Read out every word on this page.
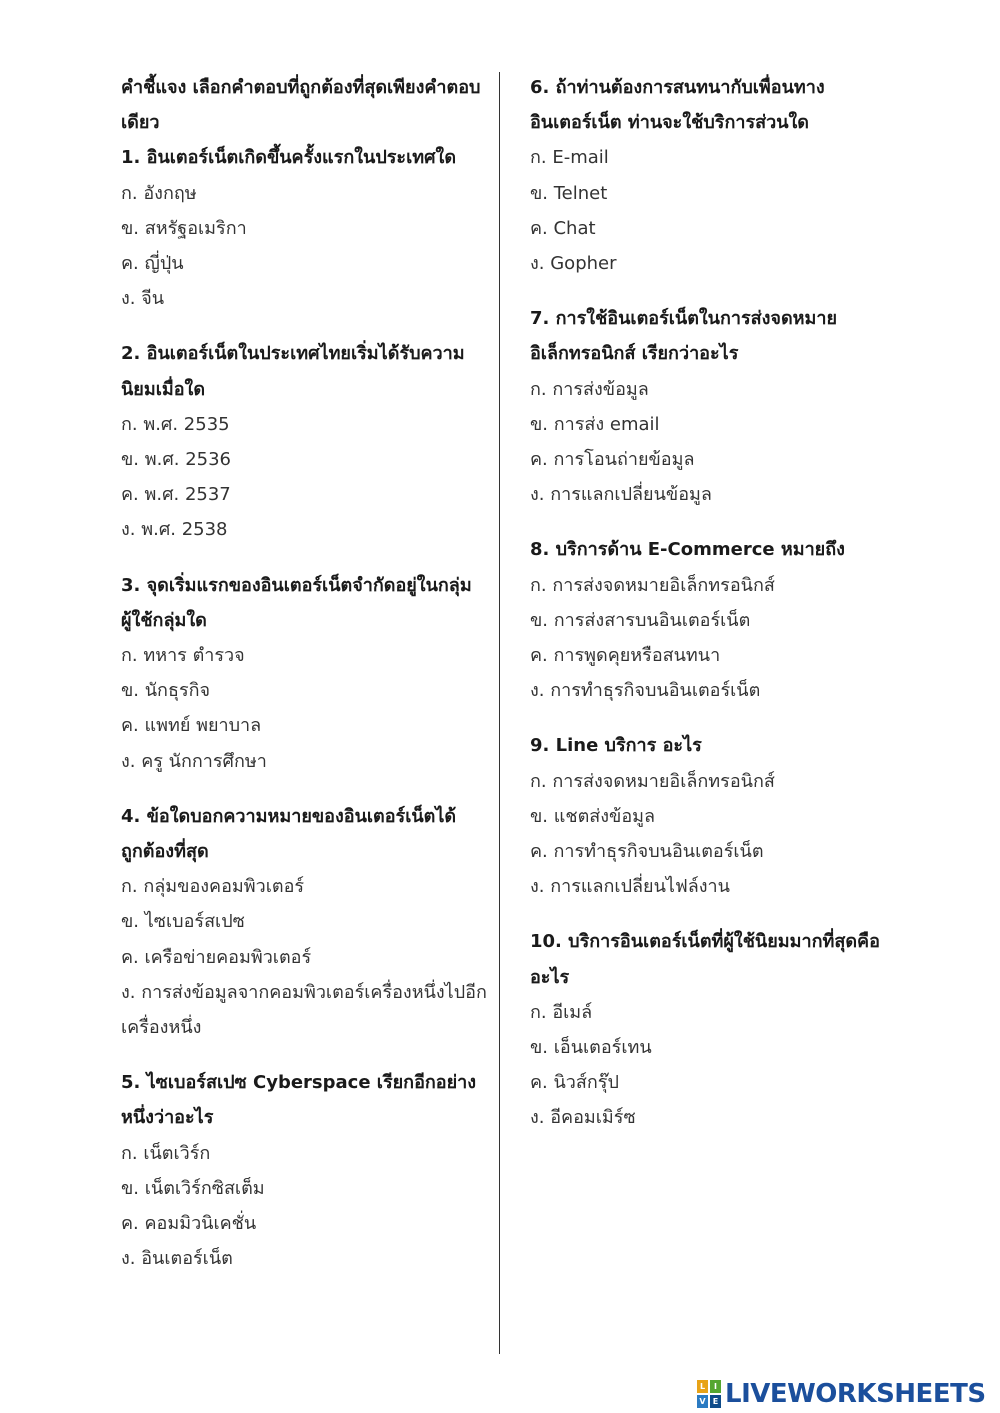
คำชี้แจง เลือกคำตอบที่ถูกต้องที่สุดเพียงคำตอบ
เดียว
1. อินเตอร์เน็ตเกิดขึ้นครั้งแรกในประเทศใด
ก. อังกฤษ
ข. สหรัฐอเมริกา
ค. ญี่ปุ่น
ง. จีน
2. อินเตอร์เน็ตในประเทศไทยเริ่มได้รับความ
นิยมเมื่อใด
ก. พ.ศ. 2535
ข. พ.ศ. 2536
ค. พ.ศ. 2537
ง. พ.ศ. 2538
3. จุดเริ่มแรกของอินเตอร์เน็ตจำกัดอยู่ในกลุ่ม
ผู้ใช้กลุ่มใด
ก. ทหาร ตำรวจ
ข. นักธุรกิจ
ค. แพทย์ พยาบาล
ง. ครู นักการศึกษา
4. ข้อใดบอกความหมายของอินเตอร์เน็ตได้
ถูกต้องที่สุด
ก. กลุ่มของคอมพิวเตอร์
ข. ไซเบอร์สเปซ
ค. เครือข่ายคอมพิวเตอร์
ง. การส่งข้อมูลจากคอมพิวเตอร์เครื่องหนึ่งไปอีก
เครื่องหนึ่ง
5. ไซเบอร์สเปซ Cyberspace เรียกอีกอย่าง
หนึ่งว่าอะไร
ก. เน็ตเวิร์ก
ข. เน็ตเวิร์กซิสเต็ม
ค. คอมมิวนิเคชั่น
ง. อินเตอร์เน็ต
6. ถ้าท่านต้องการสนทนากับเพื่อนทาง
อินเตอร์เน็ต ท่านจะใช้บริการส่วนใด
ก. E-mail
ข. Telnet
ค. Chat
ง. Gopher
7. การใช้อินเตอร์เน็ตในการส่งจดหมาย
อิเล็กทรอนิกส์ เรียกว่าอะไร
ก. การส่งข้อมูล
ข. การส่ง email
ค. การโอนถ่ายข้อมูล
ง. การแลกเปลี่ยนข้อมูล
8. บริการด้าน E-Commerce หมายถึง
ก. การส่งจดหมายอิเล็กทรอนิกส์
ข. การส่งสารบนอินเตอร์เน็ต
ค. การพูดคุยหรือสนทนา
ง. การทำธุรกิจบนอินเตอร์เน็ต
9. Line บริการ อะไร
ก. การส่งจดหมายอิเล็กทรอนิกส์
ข. แชตส่งข้อมูล
ค. การทำธุรกิจบนอินเตอร์เน็ต
ง. การแลกเปลี่ยนไฟล์งาน
10. บริการอินเตอร์เน็ตที่ผู้ใช้นิยมมากที่สุดคือ
อะไร
ก. อีเมล์
ข. เอ็นเตอร์เทน
ค. นิวส์กรุ๊ป
ง. อีคอมเมิร์ซ
L	I
V E LIVEWORKSHEETS
